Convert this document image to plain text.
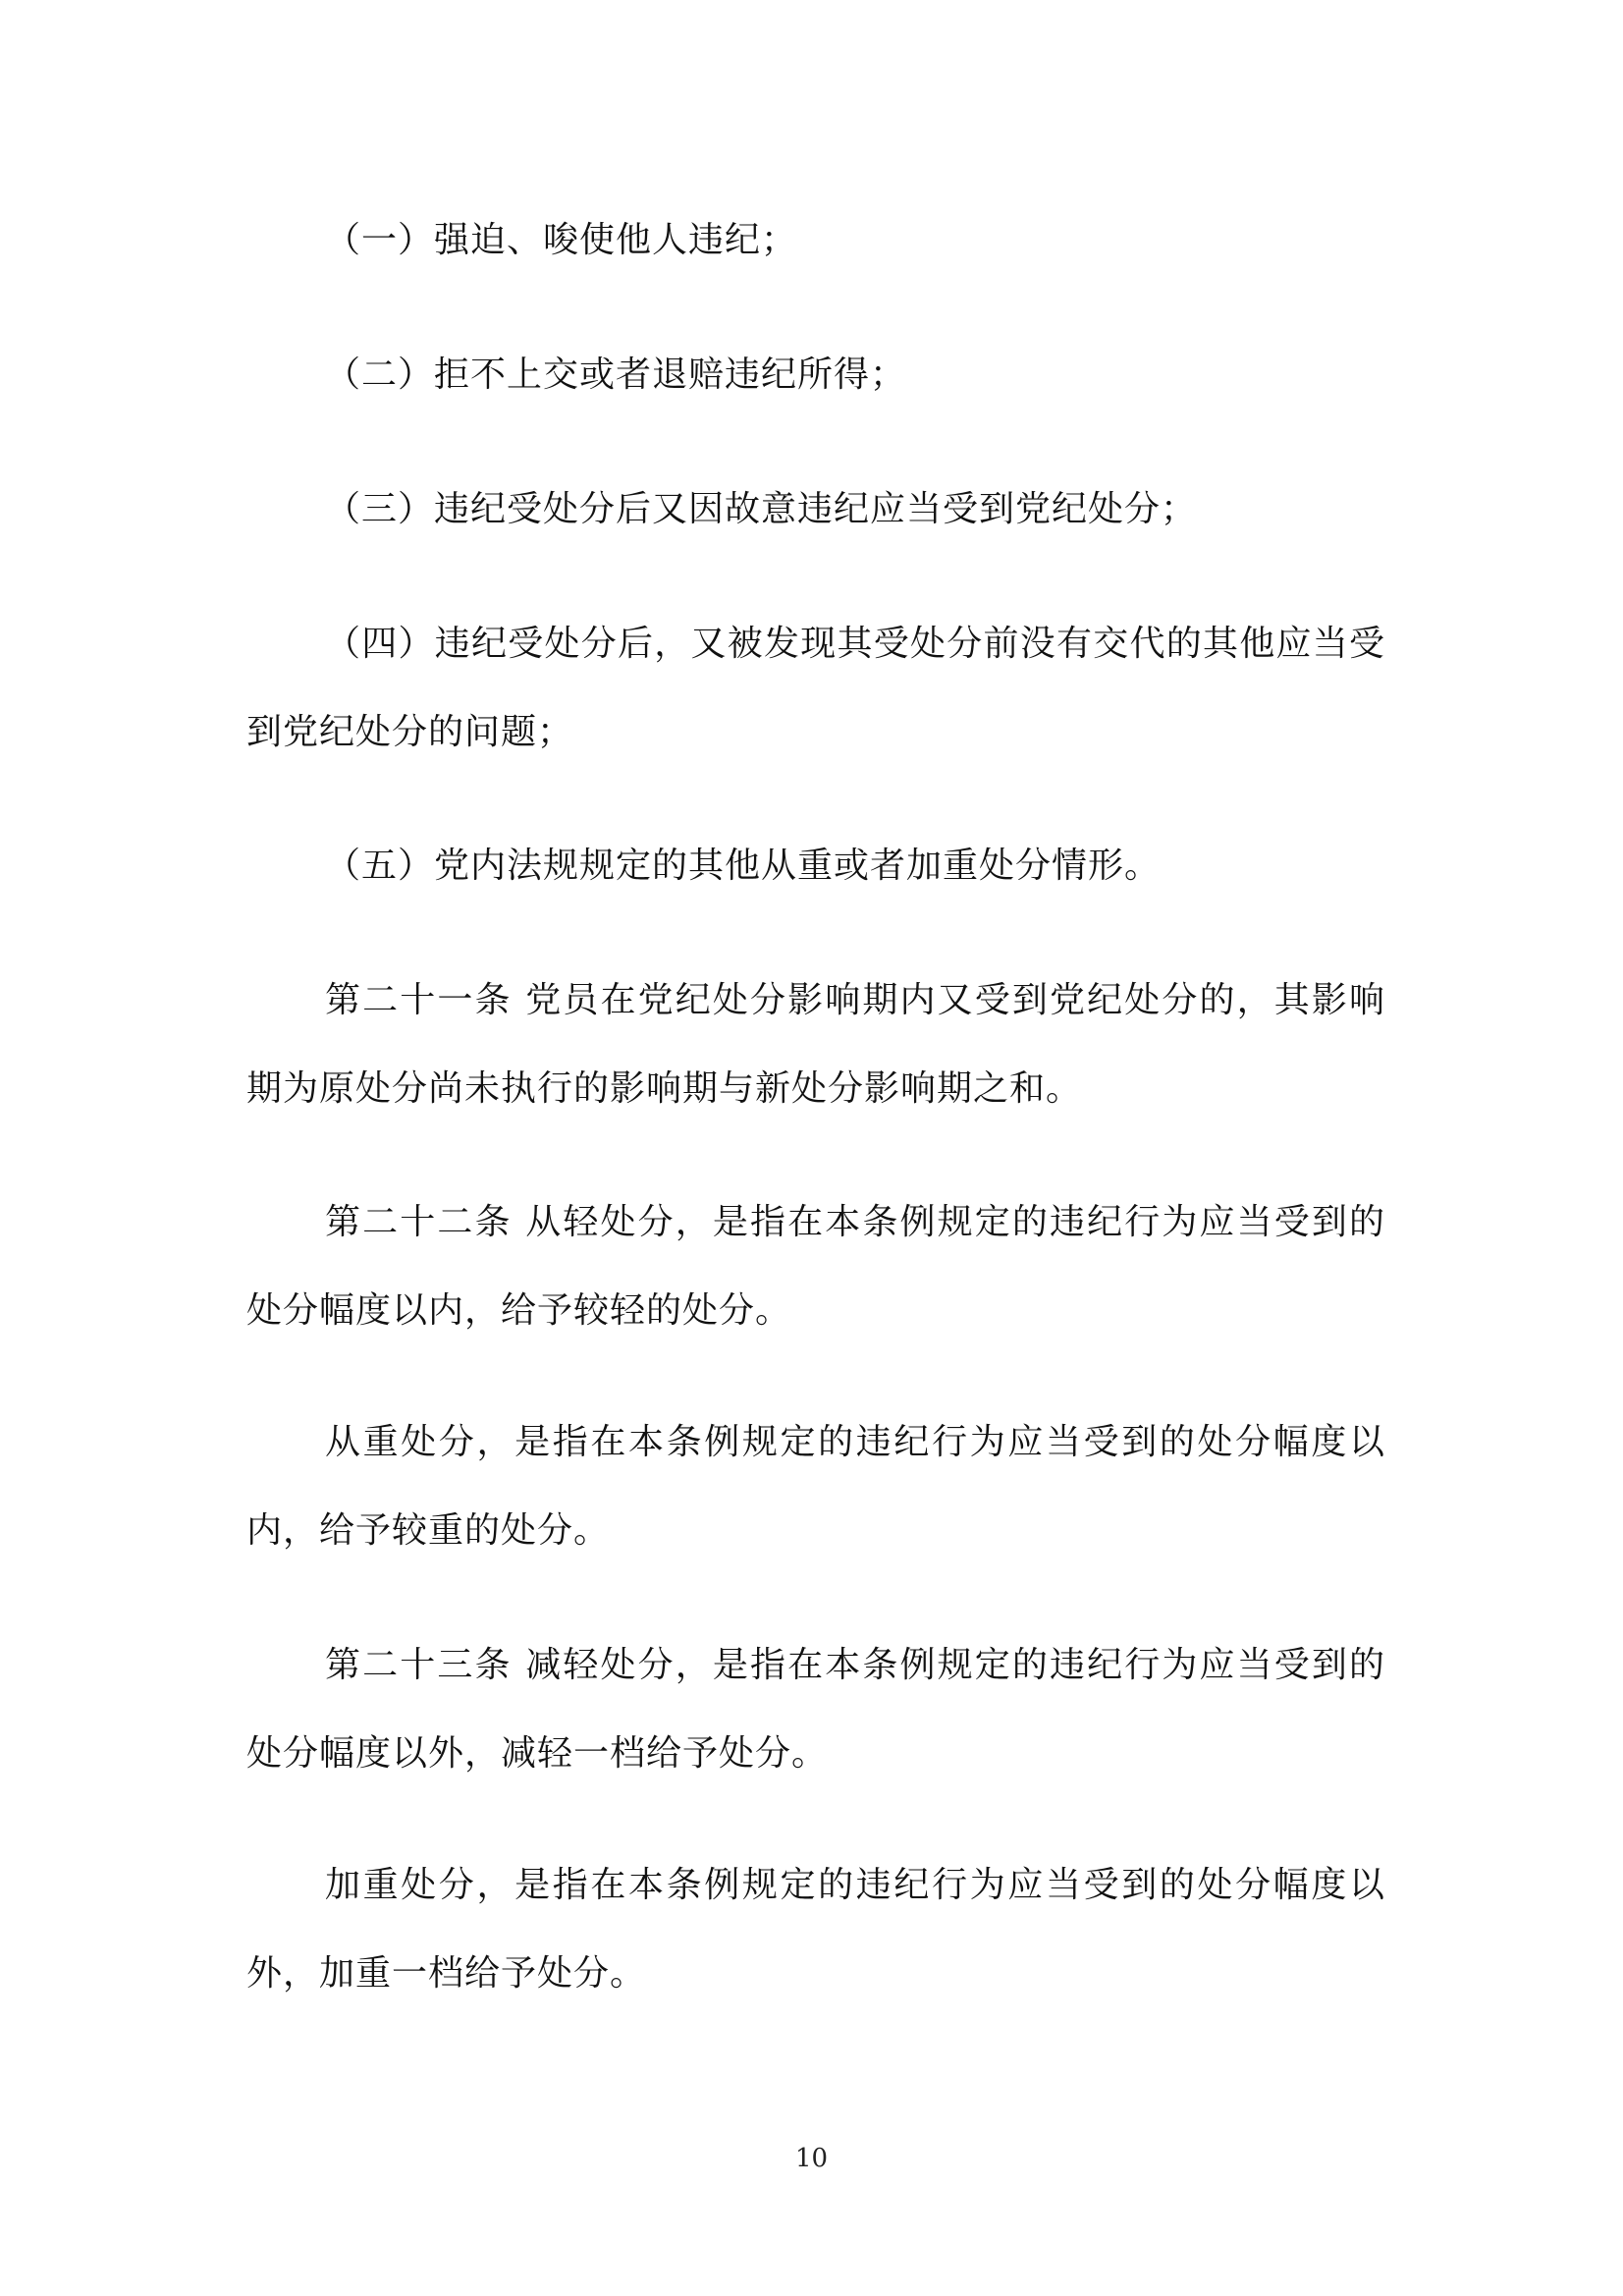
（一）强迫、唆使他人违纪；

（二）拒不上交或者退赔违纪所得；

（三）违纪受处分后又因故意违纪应当受到党纪处分；

（四）违纪受处分后，又被发现其受处分前没有交代的其他应当受到党纪处分的问题；

（五）党内法规规定的其他从重或者加重处分情形。

第二十一条 党员在党纪处分影响期内又受到党纪处分的，其影响期为原处分尚未执行的影响期与新处分影响期之和。

第二十二条 从轻处分，是指在本条例规定的违纪行为应当受到的处分幅度以内，给予较轻的处分。

从重处分，是指在本条例规定的违纪行为应当受到的处分幅度以内，给予较重的处分。

第二十三条 减轻处分，是指在本条例规定的违纪行为应当受到的处分幅度以外，减轻一档给予处分。

加重处分，是指在本条例规定的违纪行为应当受到的处分幅度以外，加重一档给予处分。

10
